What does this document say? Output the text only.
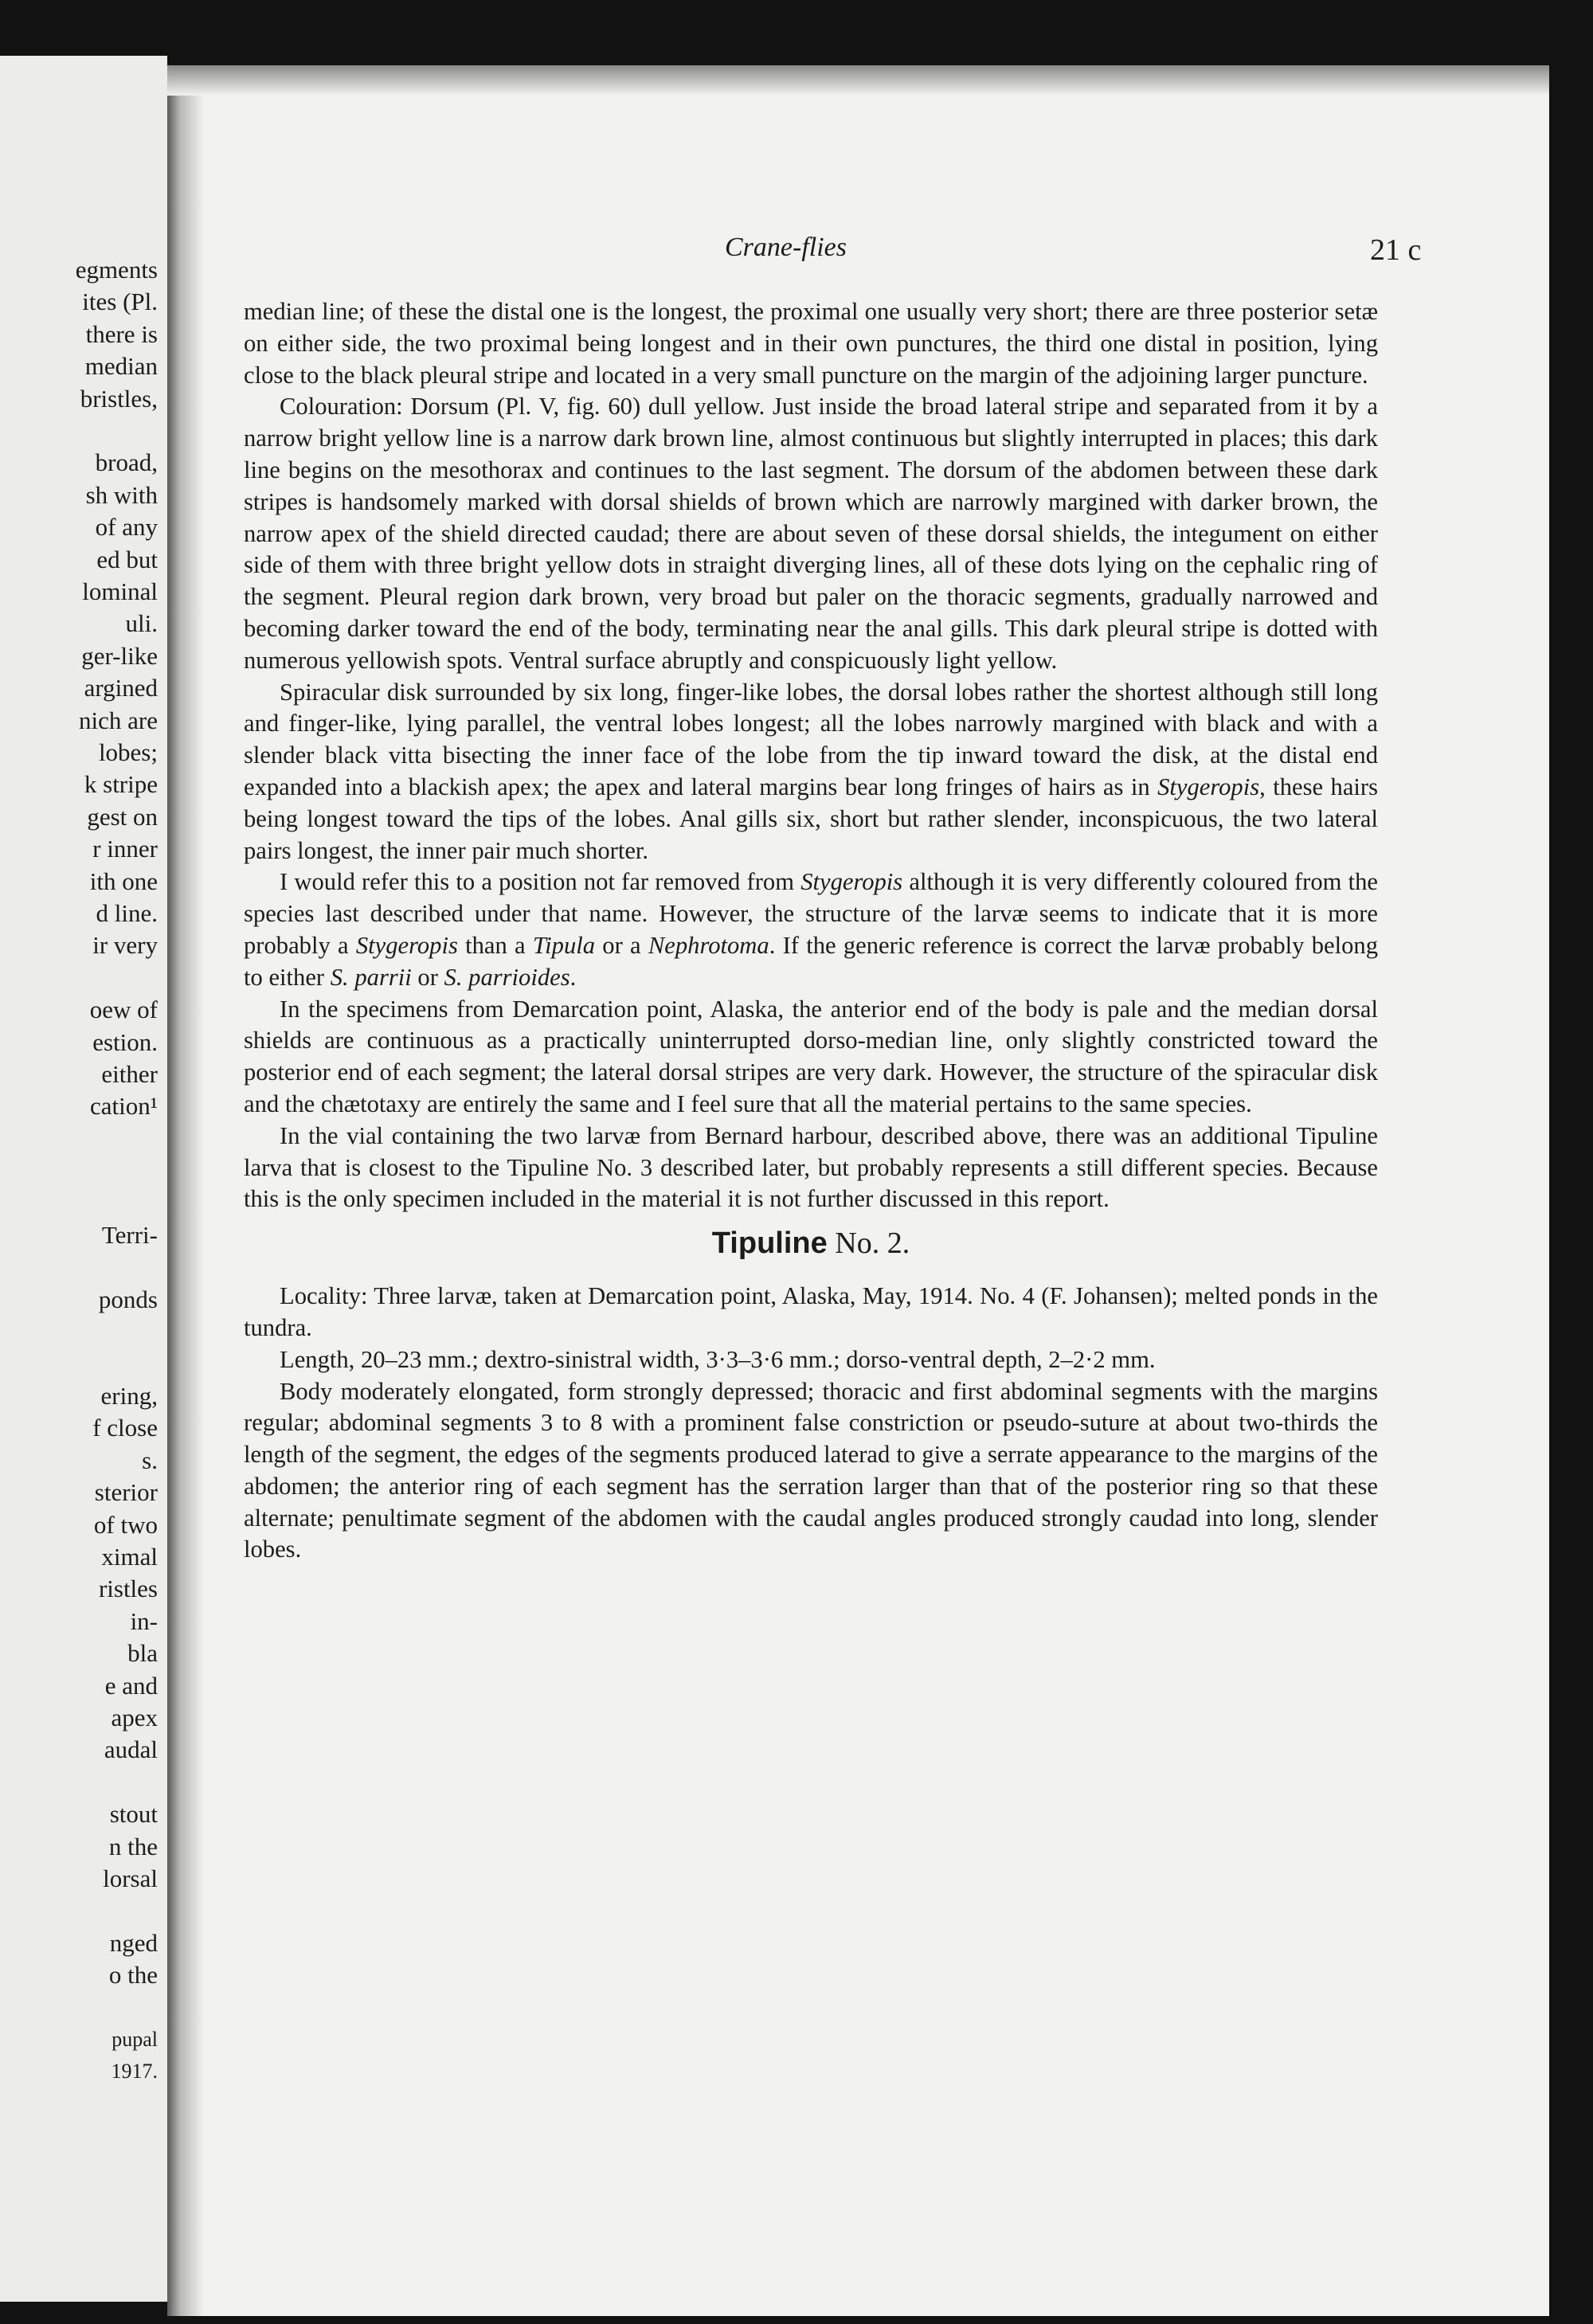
egments
ites (Pl.
there is
median
bristles,
broad,
sh with
of any
ed but
lominal
uli.
ger-like
argined
nich are
lobes;
k stripe
gest on
r inner
ith one
d line.
ir very
oew of
estion.
either
cation¹
Terri-
ponds
ering,
f close
s.
sterior
of two
ximal
ristles
in-
bla
e and
apex
audal
stout
n the
lorsal
nged
o the
pupal
1917.
Crane-flies	21 c

median line; of these the distal one is the longest, the proximal one usually very short; there are three posterior setæ on either side, the two proximal being longest and in their own punctures, the third one distal in position, lying close to the black pleural stripe and located in a very small puncture on the margin of the adjoining larger puncture.

Colouration: Dorsum (Pl. V, fig. 60) dull yellow. Just inside the broad lateral stripe and separated from it by a narrow bright yellow line is a narrow dark brown line, almost continuous but slightly interrupted in places; this dark line begins on the mesothorax and continues to the last segment. The dorsum of the abdomen between these dark stripes is handsomely marked with dorsal shields of brown which are narrowly margined with darker brown, the narrow apex of the shield directed caudad; there are about seven of these dorsal shields, the integument on either side of them with three bright yellow dots in straight diverging lines, all of these dots lying on the cephalic ring of the segment. Pleural region dark brown, very broad but paler on the thoracic segments, gradually narrowed and becoming darker toward the end of the body, terminating near the anal gills. This dark pleural stripe is dotted with numerous yellowish spots. Ventral surface abruptly and conspicuously light yellow.

Spiracular disk surrounded by six long, finger-like lobes, the dorsal lobes rather the shortest although still long and finger-like, lying parallel, the ventral lobes longest; all the lobes narrowly margined with black and with a slender black vitta bisecting the inner face of the lobe from the tip inward toward the disk, at the distal end expanded into a blackish apex; the apex and lateral margins bear long fringes of hairs as in Stygeropis, these hairs being longest toward the tips of the lobes. Anal gills six, short but rather slender, inconspicuous, the two lateral pairs longest, the inner pair much shorter.

I would refer this to a position not far removed from Stygeropis although it is very differently coloured from the species last described under that name. However, the structure of the larvæ seems to indicate that it is more probably a Stygeropis than a Tipula or a Nephrotoma. If the generic reference is correct the larvæ probably belong to either S. parrii or S. parrioides.

In the specimens from Demarcation point, Alaska, the anterior end of the body is pale and the median dorsal shields are continuous as a practically uninterrupted dorso-median line, only slightly constricted toward the posterior end of each segment; the lateral dorsal stripes are very dark. However, the structure of the spiracular disk and the chætotaxy are entirely the same and I feel sure that all the material pertains to the same species.

In the vial containing the two larvæ from Bernard harbour, described above, there was an additional Tipuline larva that is closest to the Tipuline No. 3 described later, but probably represents a still different species. Because this is the only specimen included in the material it is not further discussed in this report.

Tipuline No. 2.

Locality: Three larvæ, taken at Demarcation point, Alaska, May, 1914. No. 4 (F. Johansen); melted ponds in the tundra.

Length, 20–23 mm.; dextro-sinistral width, 3·3–3·6 mm.; dorso-ventral depth, 2–2·2 mm.

Body moderately elongated, form strongly depressed; thoracic and first abdominal segments with the margins regular; abdominal segments 3 to 8 with a prominent false constriction or pseudo-suture at about two-thirds the length of the segment, the edges of the segments produced laterad to give a serrate appearance to the margins of the abdomen; the anterior ring of each segment has the serration larger than that of the posterior ring so that these alternate; penultimate segment of the abdomen with the caudal angles produced strongly caudad into long, slender lobes.
